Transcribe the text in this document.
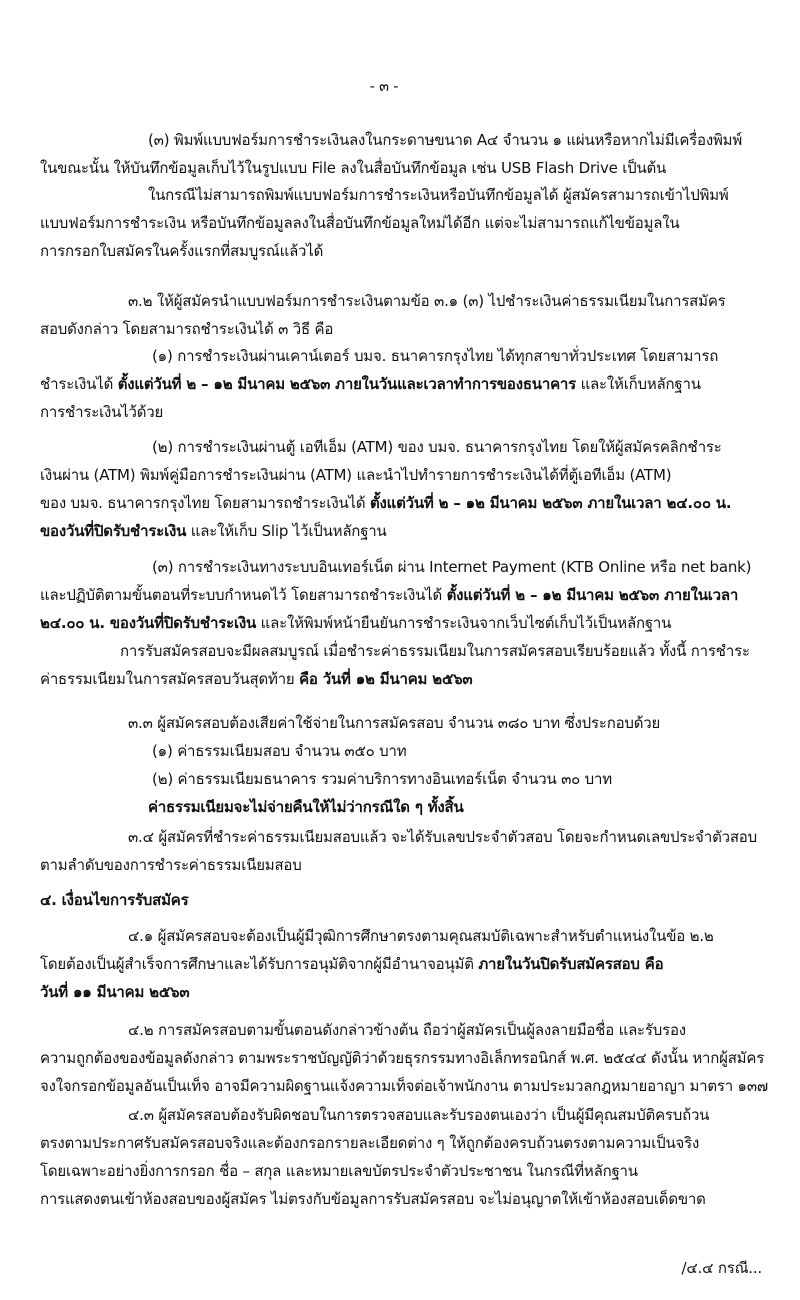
- ๓ -
(๓) พิมพ์แบบฟอร์มการชำระเงินลงในกระดาษขนาด A๔ จำนวน ๑ แผ่นหรือหากไม่มีเครื่องพิมพ์
ในขณะนั้น ให้บันทึกข้อมูลเก็บไว้ในรูปแบบ File ลงในสื่อบันทึกข้อมูล เช่น USB Flash Drive เป็นต้น
ในกรณีไม่สามารถพิมพ์แบบฟอร์มการชำระเงินหรือบันทึกข้อมูลได้ ผู้สมัครสามารถเข้าไปพิมพ์
แบบฟอร์มการชำระเงิน หรือบันทึกข้อมูลลงในสื่อบันทึกข้อมูลใหม่ได้อีก แต่จะไม่สามารถแก้ไขข้อมูลใน
การกรอกใบสมัครในครั้งแรกที่สมบูรณ์แล้วได้
๓.๒ ให้ผู้สมัครนำแบบฟอร์มการชำระเงินตามข้อ ๓.๑ (๓) ไปชำระเงินค่าธรรมเนียมในการสมัคร
สอบดังกล่าว โดยสามารถชำระเงินได้ ๓ วิธี คือ
(๑) การชำระเงินผ่านเคาน์เตอร์ บมจ. ธนาคารกรุงไทย ได้ทุกสาขาทั่วประเทศ โดยสามารถ
ชำระเงินได้ ตั้งแต่วันที่ ๒ – ๑๒ มีนาคม ๒๕๖๓ ภายในวันและเวลาทำการของธนาคาร และให้เก็บหลักฐาน
การชำระเงินไว้ด้วย
(๒) การชำระเงินผ่านตู้ เอทีเอ็ม (ATM) ของ บมจ. ธนาคารกรุงไทย โดยให้ผู้สมัครคลิกชำระ
เงินผ่าน (ATM) พิมพ์คู่มือการชำระเงินผ่าน (ATM) และนำไปทำรายการชำระเงินได้ที่ตู้เอทีเอ็ม (ATM)
ของ บมจ. ธนาคารกรุงไทย โดยสามารถชำระเงินได้ ตั้งแต่วันที่ ๒ – ๑๒ มีนาคม ๒๕๖๓ ภายในเวลา ๒๔.๐๐ น.
ของวันที่ปิดรับชำระเงิน และให้เก็บ Slip ไว้เป็นหลักฐาน
(๓) การชำระเงินทางระบบอินเทอร์เน็ต ผ่าน Internet Payment (KTB Online หรือ net bank)
และปฏิบัติตามขั้นตอนที่ระบบกำหนดไว้ โดยสามารถชำระเงินได้ ตั้งแต่วันที่ ๒ – ๑๒ มีนาคม ๒๕๖๓ ภายในเวลา
๒๔.๐๐ น. ของวันที่ปิดรับชำระเงิน และให้พิมพ์หน้ายืนยันการชำระเงินจากเว็บไซต์เก็บไว้เป็นหลักฐาน
การรับสมัครสอบจะมีผลสมบูรณ์ เมื่อชำระค่าธรรมเนียมในการสมัครสอบเรียบร้อยแล้ว ทั้งนี้ การชำระ
ค่าธรรมเนียมในการสมัครสอบวันสุดท้าย คือ วันที่ ๑๒ มีนาคม ๒๕๖๓
๓.๓ ผู้สมัครสอบต้องเสียค่าใช้จ่ายในการสมัครสอบ จำนวน ๓๘๐ บาท ซึ่งประกอบด้วย
(๑) ค่าธรรมเนียมสอบ จำนวน ๓๕๐ บาท
(๒) ค่าธรรมเนียมธนาคาร รวมค่าบริการทางอินเทอร์เน็ต จำนวน ๓๐ บาท
ค่าธรรมเนียมจะไม่จ่ายคืนให้ไม่ว่ากรณีใด ๆ ทั้งสิ้น
๓.๔ ผู้สมัครที่ชำระค่าธรรมเนียมสอบแล้ว จะได้รับเลขประจำตัวสอบ โดยจะกำหนดเลขประจำตัวสอบ
ตามลำดับของการชำระค่าธรรมเนียมสอบ
๔. เงื่อนไขการรับสมัคร
๔.๑ ผู้สมัครสอบจะต้องเป็นผู้มีวุฒิการศึกษาตรงตามคุณสมบัติเฉพาะสำหรับตำแหน่งในข้อ ๒.๒
โดยต้องเป็นผู้สำเร็จการศึกษาและได้รับการอนุมัติจากผู้มีอำนาจอนุมัติ ภายในวันปิดรับสมัครสอบ คือ
วันที่ ๑๑ มีนาคม ๒๕๖๓
๔.๒ การสมัครสอบตามขั้นตอนดังกล่าวข้างต้น ถือว่าผู้สมัครเป็นผู้ลงลายมือชื่อ และรับรอง
ความถูกต้องของข้อมูลดังกล่าว ตามพระราชบัญญัติว่าด้วยธุรกรรมทางอิเล็กทรอนิกส์ พ.ศ. ๒๕๔๔ ดังนั้น หากผู้สมัคร
จงใจกรอกข้อมูลอันเป็นเท็จ อาจมีความผิดฐานแจ้งความเท็จต่อเจ้าพนักงาน ตามประมวลกฎหมายอาญา มาตรา ๑๓๗
๔.๓ ผู้สมัครสอบต้องรับผิดชอบในการตรวจสอบและรับรองตนเองว่า เป็นผู้มีคุณสมบัติครบถ้วน
ตรงตามประกาศรับสมัครสอบจริงและต้องกรอกรายละเอียดต่าง ๆ ให้ถูกต้องครบถ้วนตรงตามความเป็นจริง
โดยเฉพาะอย่างยิ่งการกรอก ชื่อ – สกุล และหมายเลขบัตรประจำตัวประชาชน ในกรณีที่หลักฐาน
การแสดงตนเข้าห้องสอบของผู้สมัคร ไม่ตรงกับข้อมูลการรับสมัครสอบ จะไม่อนุญาตให้เข้าห้องสอบเด็ดขาด
/๔.๔ กรณี...
